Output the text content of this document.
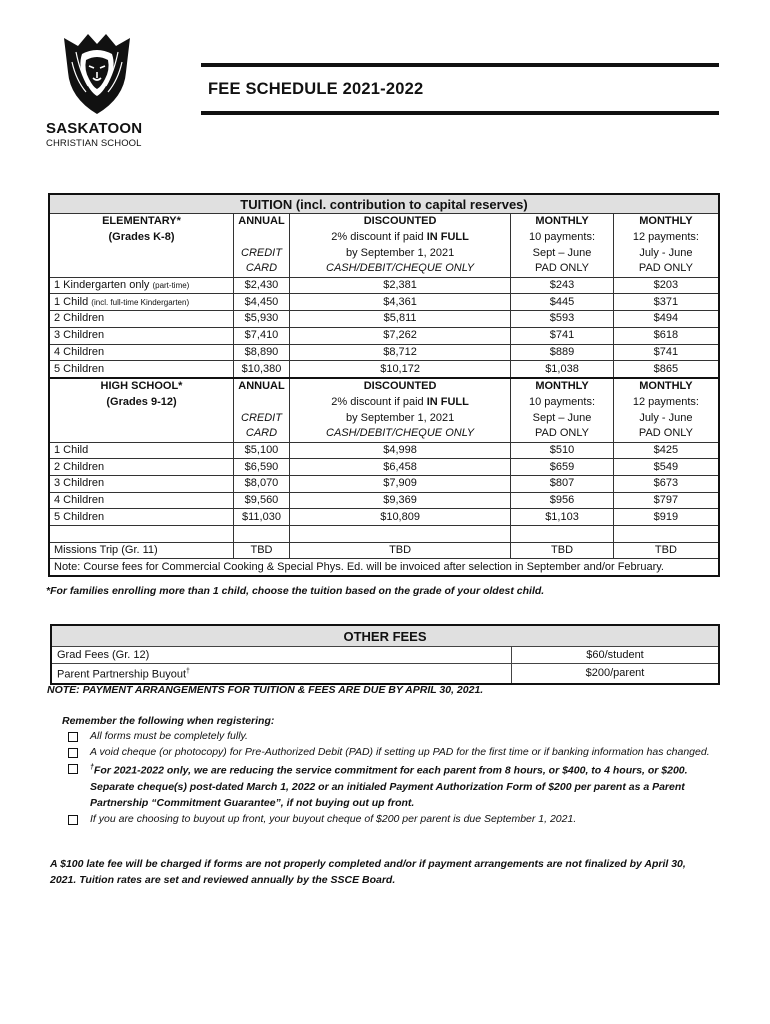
SASKATOON
CHRISTIAN SCHOOL
FEE SCHEDULE 2021-2022
TUITION (incl. contribution to capital reserves)				
ELEMENTARY*	ANNUAL	DISCOUNTED	MONTHLY	MONTHLY
(Grades K-8)		2% discount if paid IN FULL	10 payments:	12 payments:
	CREDIT	by September 1, 2021	Sept – June	July - June
	CARD	CASH/DEBIT/CHEQUE ONLY	PAD ONLY	PAD ONLY
1 Kindergarten only (part-time)	$2,430	$2,381	$243	$203
1 Child (incl. full-time Kindergarten)	$4,450	$4,361	$445	$371
2 Children	$5,930	$5,811	$593	$494
3 Children	$7,410	$7,262	$741	$618
4 Children	$8,890	$8,712	$889	$741
5 Children	$10,380	$10,172	$1,038	$865
HIGH SCHOOL*	ANNUAL	DISCOUNTED	MONTHLY	MONTHLY
(Grades 9-12)		2% discount if paid IN FULL	10 payments:	12 payments:
	CREDIT	by September 1, 2021	Sept – June	July - June
	CARD	CASH/DEBIT/CHEQUE ONLY	PAD ONLY	PAD ONLY
1 Child	$5,100	$4,998	$510	$425
2 Children	$6,590	$6,458	$659	$549
3 Children	$8,070	$7,909	$807	$673
4 Children	$9,560	$9,369	$956	$797
5 Children	$11,030	$10,809	$1,103	$919

Missions Trip (Gr. 11)	TBD	TBD	TBD	TBD
Note: Course fees for Commercial Cooking & Special Phys. Ed. will be invoiced after selection in September and/or February.				
*For families enrolling more than 1 child, choose the tuition based on the grade of your oldest child.
OTHER FEES	
Grad Fees (Gr. 12)	$60/student
Parent Partnership Buyout†	$200/parent
NOTE: PAYMENT ARRANGEMENTS FOR TUITION & FEES ARE DUE BY APRIL 30, 2021.
Remember the following when registering:
All forms must be completely fully.
A void cheque (or photocopy) for Pre-Authorized Debit (PAD) if setting up PAD for the first time or if banking information has changed.
†For 2021-2022 only, we are reducing the service commitment for each parent from 8 hours, or $400, to 4 hours, or $200. Separate cheque(s) post-dated March 1, 2022 or an initialed Payment Authorization Form of $200 per parent as a Parent Partnership “Commitment Guarantee”, if not buying out up front.
If you are choosing to buyout up front, your buyout cheque of $200 per parent is due September 1, 2021.
A $100 late fee will be charged if forms are not properly completed and/or if payment arrangements are not finalized by April 30, 2021. Tuition rates are set and reviewed annually by the SSCE Board.
